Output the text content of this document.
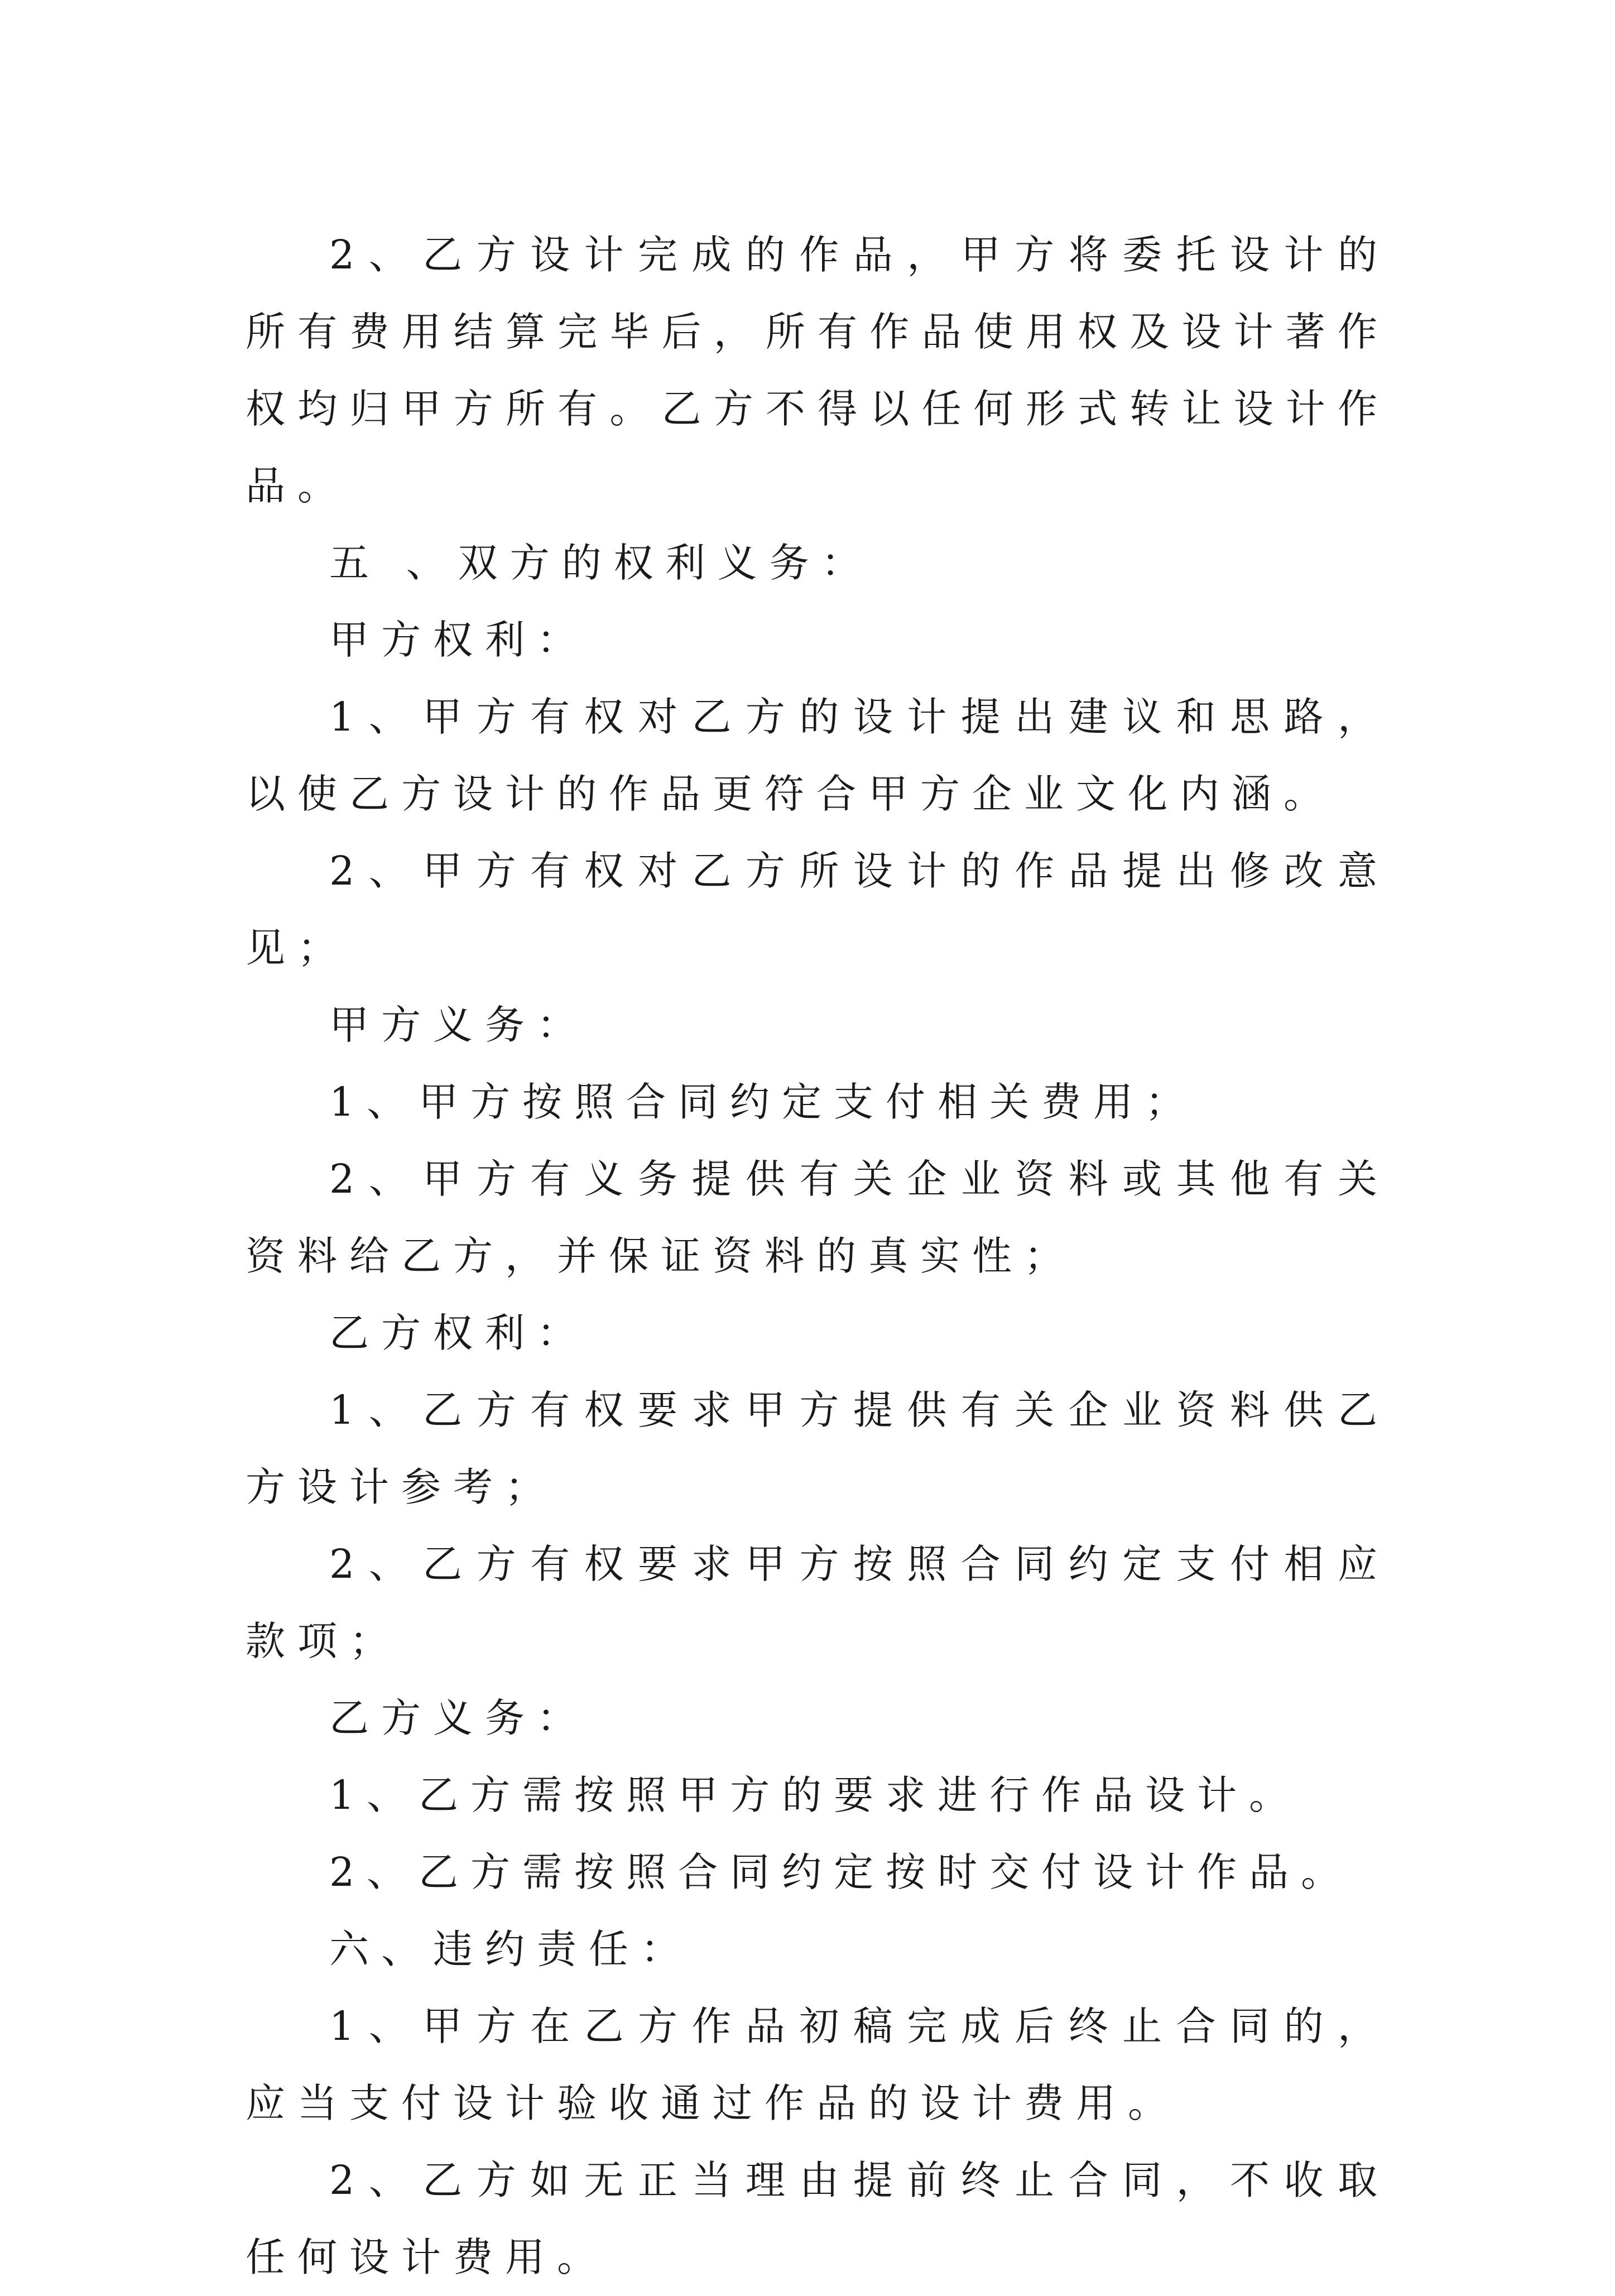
2、乙方设计完成的作品，甲方将委托设计的所有费用结算完毕后，所有作品使用权及设计著作权均归甲方所有。乙方不得以任何形式转让设计作品。

五 、双方的权利义务：

甲方权利：

1、甲方有权对乙方的设计提出建议和思路，以使乙方设计的作品更符合甲方企业文化内涵。

2、甲方有权对乙方所设计的作品提出修改意见；

甲方义务：

1、甲方按照合同约定支付相关费用；

2、甲方有义务提供有关企业资料或其他有关资料给乙方，并保证资料的真实性；

乙方权利：

1、乙方有权要求甲方提供有关企业资料供乙方设计参考；

2、乙方有权要求甲方按照合同约定支付相应款项；

乙方义务：

1、乙方需按照甲方的要求进行作品设计。

2、乙方需按照合同约定按时交付设计作品。

六、违约责任：

1、甲方在乙方作品初稿完成后终止合同的，应当支付设计验收通过作品的设计费用。

2、乙方如无正当理由提前终止合同，不收取任何设计费用。
